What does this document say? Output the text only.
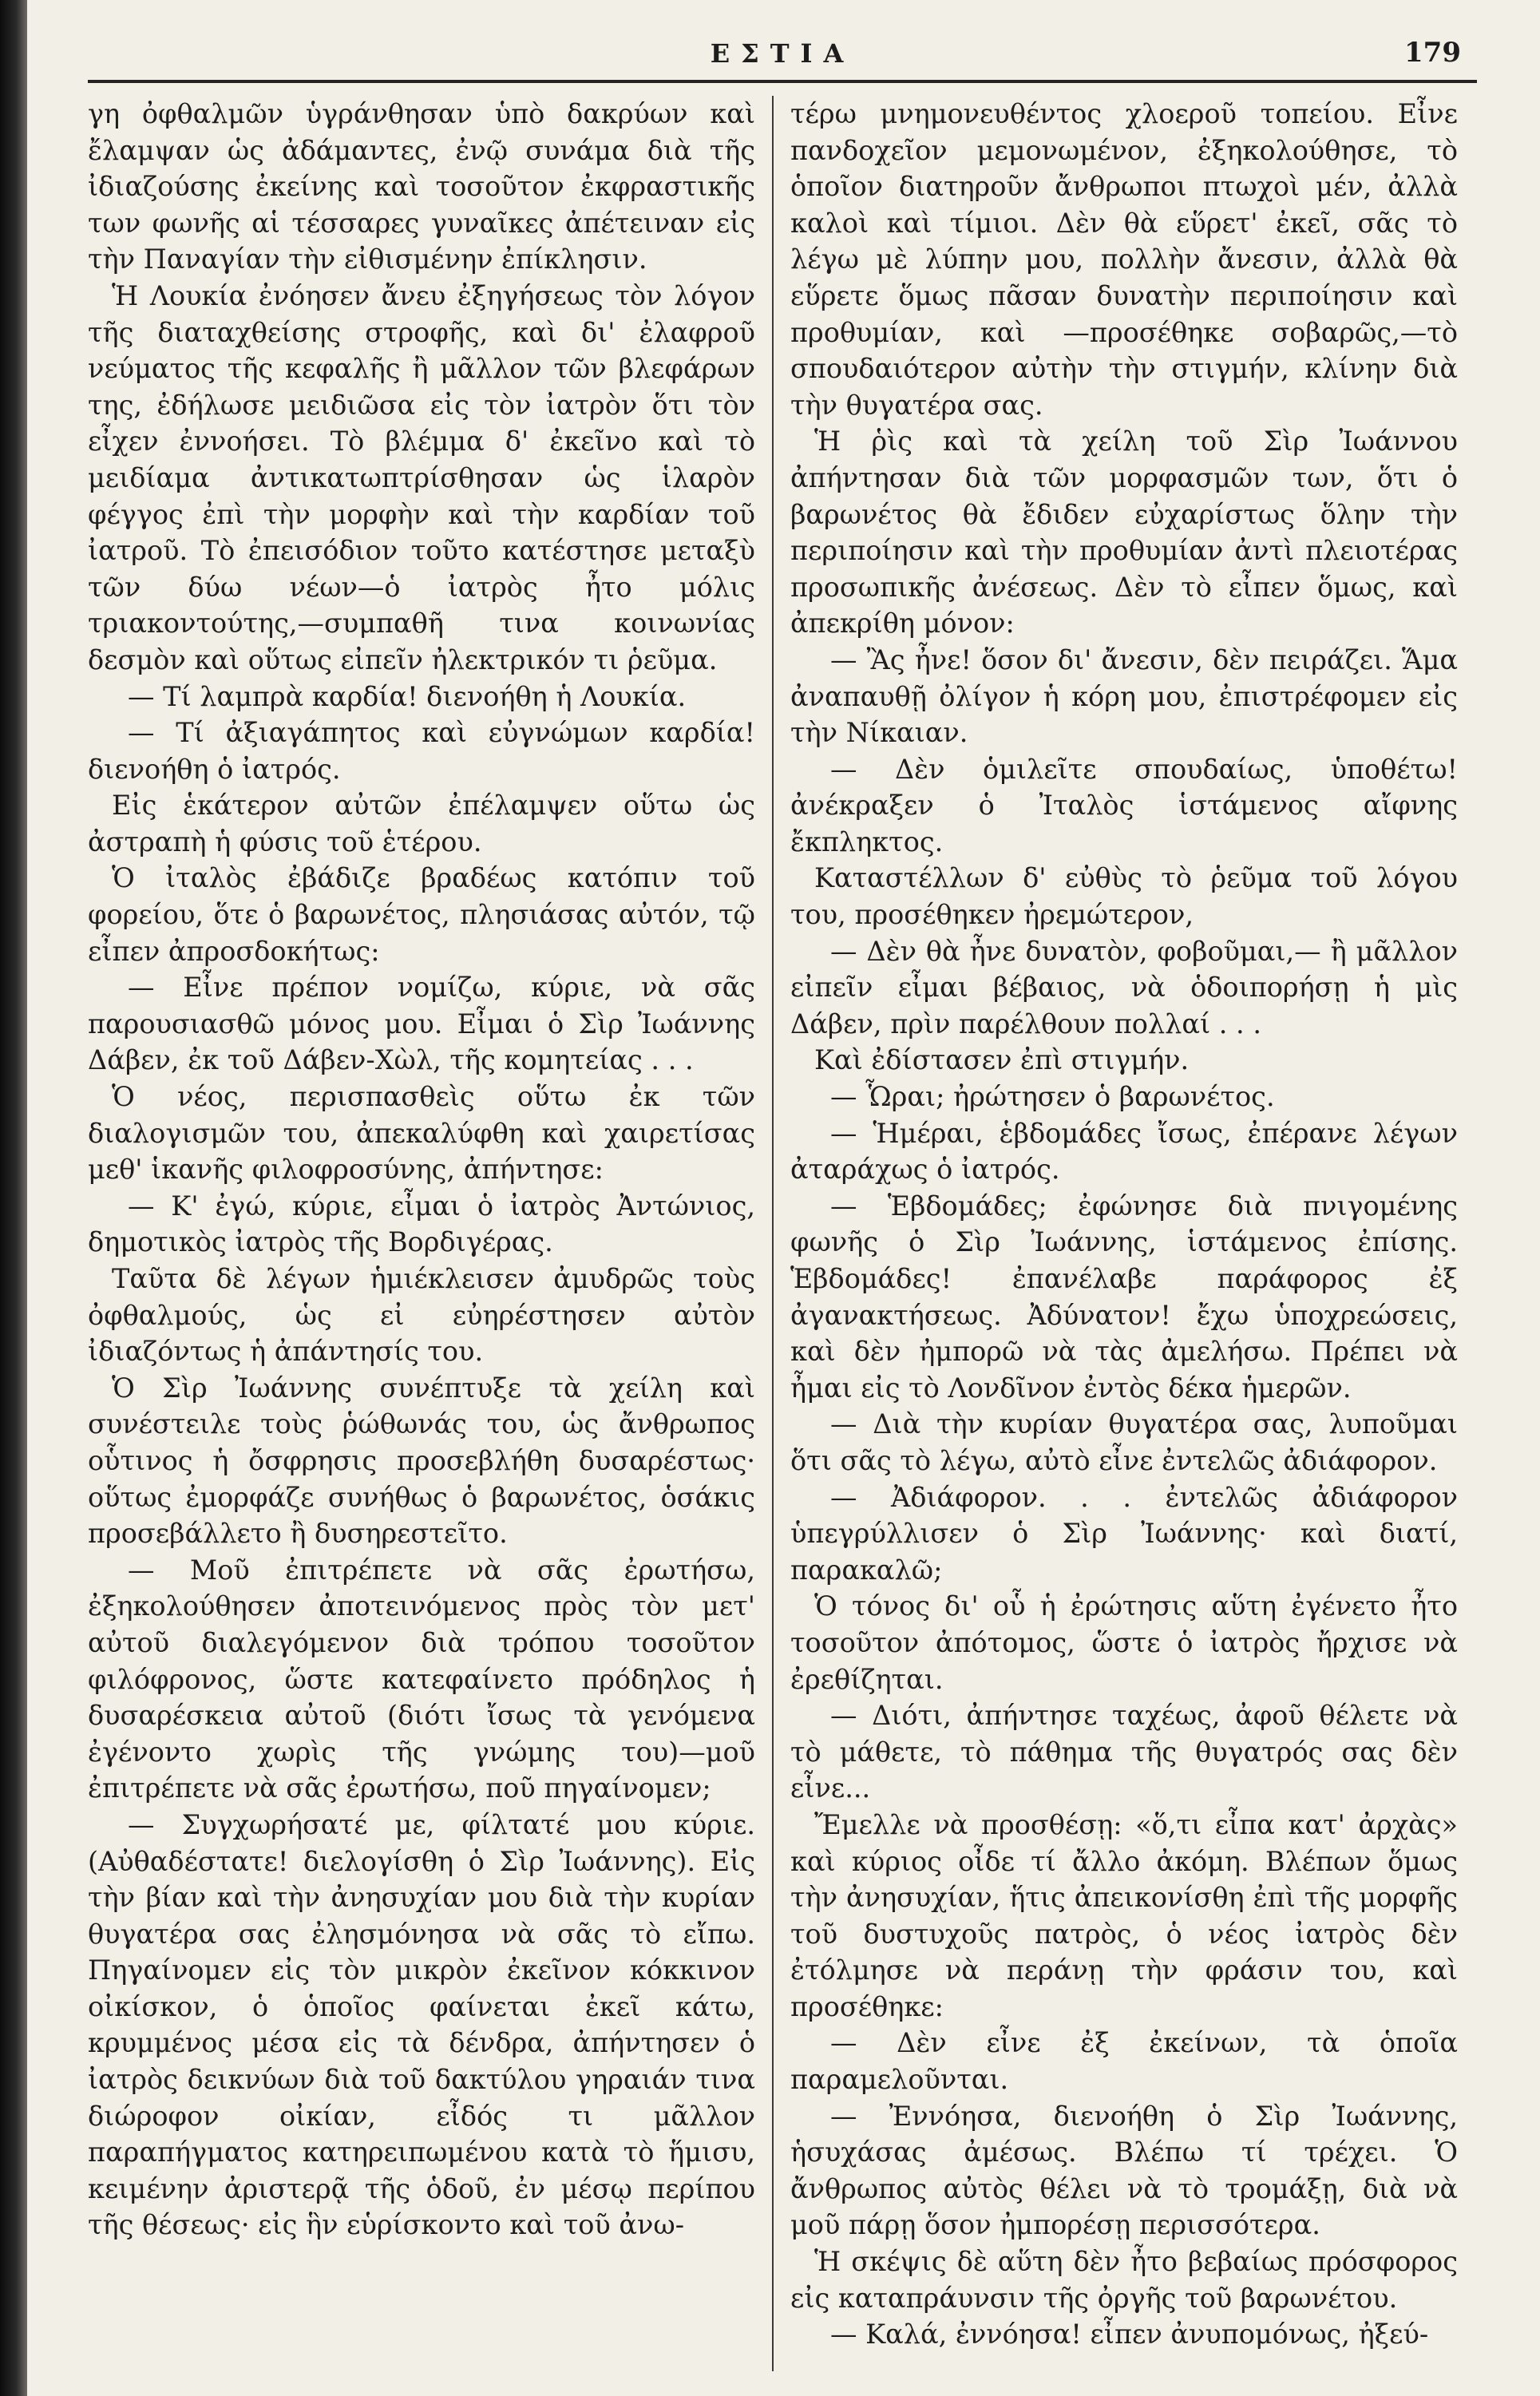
ΕΣΤΙΑ	179

γη ὀφθαλμῶν ὑγράνθησαν ὑπὸ δακρύων καὶ ἔλαμψαν ὡς ἀδάμαντες, ἐνῷ συνάμα διὰ τῆς ἰδιαζούσης ἐκείνης καὶ τοσοῦτον ἐκφραστικῆς των φωνῆς αἱ τέσσαρες γυναῖκες ἀπέτειναν εἰς τὴν Παναγίαν τὴν εἰθισμένην ἐπίκλησιν.

Ἡ Λουκία ἐνόησεν ἄνευ ἐξηγήσεως τὸν λόγον τῆς διαταχθείσης στροφῆς, καὶ δι' ἐλαφροῦ νεύματος τῆς κεφαλῆς ἢ μᾶλλον τῶν βλεφάρων της, ἐδήλωσε μειδιῶσα εἰς τὸν ἰατρὸν ὅτι τὸν εἶχεν ἐννοήσει. Τὸ βλέμμα δ' ἐκεῖνο καὶ τὸ μειδίαμα ἀντικατωπτρίσθησαν ὡς ἱλαρὸν φέγγος ἐπὶ τὴν μορφὴν καὶ τὴν καρδίαν τοῦ ἰατροῦ. Τὸ ἐπεισόδιον τοῦτο κατέστησε μεταξὺ τῶν δύω νέων—ὁ ἰατρὸς ἦτο μόλις τριακοντούτης,—συμπαθῆ τινα κοινωνίας δεσμὸν καὶ οὕτως εἰπεῖν ἠλεκτρικόν τι ῥεῦμα.

— Τί λαμπρὰ καρδία! διενοήθη ἡ Λουκία.

— Τί ἀξιαγάπητος καὶ εὐγνώμων καρδία! διενοήθη ὁ ἰατρός.

Εἰς ἑκάτερον αὐτῶν ἐπέλαμψεν οὕτω ὡς ἀστραπὴ ἡ φύσις τοῦ ἑτέρου.

Ὁ ἰταλὸς ἐβάδιζε βραδέως κατόπιν τοῦ φορείου, ὅτε ὁ βαρωνέτος, πλησιάσας αὐτόν, τῷ εἶπεν ἀπροσδοκήτως:

— Εἶνε πρέπον νομίζω, κύριε, νὰ σᾶς παρουσιασθῶ μόνος μου. Εἶμαι ὁ Σὶρ Ἰωάννης Δάβεν, ἐκ τοῦ Δάβεν-Χὼλ, τῆς κομητείας . . .

Ὁ νέος, περισπασθεὶς οὕτω ἐκ τῶν διαλογισμῶν του, ἀπεκαλύφθη καὶ χαιρετίσας μεθ' ἱκανῆς φιλοφροσύνης, ἀπήντησε:

— Κ' ἐγώ, κύριε, εἶμαι ὁ ἰατρὸς Ἀντώνιος, δημοτικὸς ἰατρὸς τῆς Βορδιγέρας.

Ταῦτα δὲ λέγων ἡμιέκλεισεν ἀμυδρῶς τοὺς ὀφθαλμούς, ὡς εἰ εὐηρέστησεν αὐτὸν ἰδιαζόντως ἡ ἀπάντησίς του.

Ὁ Σὶρ Ἰωάννης συνέπτυξε τὰ χείλη καὶ συνέστειλε τοὺς ῥώθωνάς του, ὡς ἄνθρωπος οὗτινος ἡ ὄσφρησις προσεβλήθη δυσαρέστως· οὕτως ἐμορφάζε συνήθως ὁ βαρωνέτος, ὁσάκις προσεβάλλετο ἢ δυσηρεστεῖτο.

— Μοῦ ἐπιτρέπετε νὰ σᾶς ἐρωτήσω, ἐξηκολούθησεν ἀποτεινόμενος πρὸς τὸν μετ' αὐτοῦ διαλεγόμενον διὰ τρόπου τοσοῦτον φιλόφρονος, ὥστε κατεφαίνετο πρόδηλος ἡ δυσαρέσκεια αὐτοῦ (διότι ἴσως τὰ γενόμενα ἐγένοντο χωρὶς τῆς γνώμης του)—μοῦ ἐπιτρέπετε νὰ σᾶς ἐρωτήσω, ποῦ πηγαίνομεν;

— Συγχωρήσατέ με, φίλτατέ μου κύριε. (Αὐθαδέστατε! διελογίσθη ὁ Σὶρ Ἰωάννης). Εἰς τὴν βίαν καὶ τὴν ἀνησυχίαν μου διὰ τὴν κυρίαν θυγατέρα σας ἐλησμόνησα νὰ σᾶς τὸ εἴπω. Πηγαίνομεν εἰς τὸν μικρὸν ἐκεῖνον κόκκινον οἰκίσκον, ὁ ὁποῖος φαίνεται ἐκεῖ κάτω, κρυμμένος μέσα εἰς τὰ δένδρα, ἀπήντησεν ὁ ἰατρὸς δεικνύων διὰ τοῦ δακτύλου γηραιάν τινα διώροφον οἰκίαν, εἶδός τι μᾶλλον παραπήγματος κατηρειπωμένου κατὰ τὸ ἥμισυ, κειμένην ἀριστερᾷ τῆς ὁδοῦ, ἐν μέσῳ περίπου τῆς θέσεως· εἰς ἣν εὑρίσκοντο καὶ τοῦ ἀνω-

τέρω μνημονευθέντος χλοεροῦ τοπείου. Εἶνε πανδοχεῖον μεμονωμένον, ἐξηκολούθησε, τὸ ὁποῖον διατηροῦν ἄνθρωποι πτωχοὶ μέν, ἀλλὰ καλοὶ καὶ τίμιοι. Δὲν θὰ εὕρετ' ἐκεῖ, σᾶς τὸ λέγω μὲ λύπην μου, πολλὴν ἄνεσιν, ἀλλὰ θὰ εὕρετε ὅμως πᾶσαν δυνατὴν περιποίησιν καὶ προθυμίαν, καὶ —προσέθηκε σοβαρῶς,—τὸ σπουδαιότερον αὐτὴν τὴν στιγμήν, κλίνην διὰ τὴν θυγατέρα σας.

Ἡ ῥὶς καὶ τὰ χείλη τοῦ Σὶρ Ἰωάννου ἀπήντησαν διὰ τῶν μορφασμῶν των, ὅτι ὁ βαρωνέτος θὰ ἔδιδεν εὐχαρίστως ὅλην τὴν περιποίησιν καὶ τὴν προθυμίαν ἀντὶ πλειοτέρας προσωπικῆς ἀνέσεως. Δὲν τὸ εἶπεν ὅμως, καὶ ἀπεκρίθη μόνον:

— Ἂς ἦνε! ὅσον δι' ἄνεσιν, δὲν πειράζει. Ἅμα ἀναπαυθῇ ὀλίγον ἡ κόρη μου, ἐπιστρέφομεν εἰς τὴν Νίκαιαν.

— Δὲν ὁμιλεῖτε σπουδαίως, ὑποθέτω! ἀνέκραξεν ὁ Ἰταλὸς ἱστάμενος αἴφνης ἔκπληκτος.

Καταστέλλων δ' εὐθὺς τὸ ῥεῦμα τοῦ λόγου του, προσέθηκεν ἠρεμώτερον,

— Δὲν θὰ ἦνε δυνατὸν, φοβοῦμαι,— ἢ μᾶλλον εἰπεῖν εἶμαι βέβαιος, νὰ ὁδοιπορήσῃ ἡ μὶς Δάβεν, πρὶν παρέλθουν πολλαί . . .

Καὶ ἐδίστασεν ἐπὶ στιγμήν.

— Ὧραι; ἠρώτησεν ὁ βαρωνέτος.

— Ἡμέραι, ἑβδομάδες ἴσως, ἐπέρανε λέγων ἀταράχως ὁ ἰατρός.

— Ἑβδομάδες; ἐφώνησε διὰ πνιγομένης φωνῆς ὁ Σὶρ Ἰωάννης, ἱστάμενος ἐπίσης. Ἑβδομάδες! ἐπανέλαβε παράφορος ἐξ ἀγανακτήσεως. Ἀδύνατον! ἔχω ὑποχρεώσεις, καὶ δὲν ἠμπορῶ νὰ τὰς ἀμελήσω. Πρέπει νὰ ἦμαι εἰς τὸ Λονδῖνον ἐντὸς δέκα ἡμερῶν.

— Διὰ τὴν κυρίαν θυγατέρα σας, λυποῦμαι ὅτι σᾶς τὸ λέγω, αὐτὸ εἶνε ἐντελῶς ἀδιάφορον.

— Ἀδιάφορον. . . ἐντελῶς ἀδιάφορον ὑπεγρύλλισεν ὁ Σὶρ Ἰωάννης· καὶ διατί, παρακαλῶ;

Ὁ τόνος δι' οὗ ἡ ἐρώτησις αὕτη ἐγένετο ἦτο τοσοῦτον ἀπότομος, ὥστε ὁ ἰατρὸς ἤρχισε νὰ ἐρεθίζηται.

— Διότι, ἀπήντησε ταχέως, ἀφοῦ θέλετε νὰ τὸ μάθετε, τὸ πάθημα τῆς θυγατρός σας δὲν εἶνε...

Ἔμελλε νὰ προσθέσῃ: «ὅ,τι εἶπα κατ' ἀρχὰς» καὶ κύριος οἶδε τί ἄλλο ἀκόμη. Βλέπων ὅμως τὴν ἀνησυχίαν, ἥτις ἀπεικονίσθη ἐπὶ τῆς μορφῆς τοῦ δυστυχοῦς πατρὸς, ὁ νέος ἰατρὸς δὲν ἐτόλμησε νὰ περάνῃ τὴν φράσιν του, καὶ προσέθηκε:

— Δὲν εἶνε ἐξ ἐκείνων, τὰ ὁποῖα παραμελοῦνται.

— Ἐννόησα, διενοήθη ὁ Σὶρ Ἰωάννης, ἡσυχάσας ἀμέσως. Βλέπω τί τρέχει. Ὁ ἄνθρωπος αὐτὸς θέλει νὰ τὸ τρομάξῃ, διὰ νὰ μοῦ πάρῃ ὅσον ἠμπορέσῃ περισσότερα.

Ἡ σκέψις δὲ αὕτη δὲν ἦτο βεβαίως πρόσφορος εἰς καταπράυνσιν τῆς ὀργῆς τοῦ βαρωνέτου.

— Καλά, ἐννόησα! εἶπεν ἀνυπομόνως, ἠξεύ-
